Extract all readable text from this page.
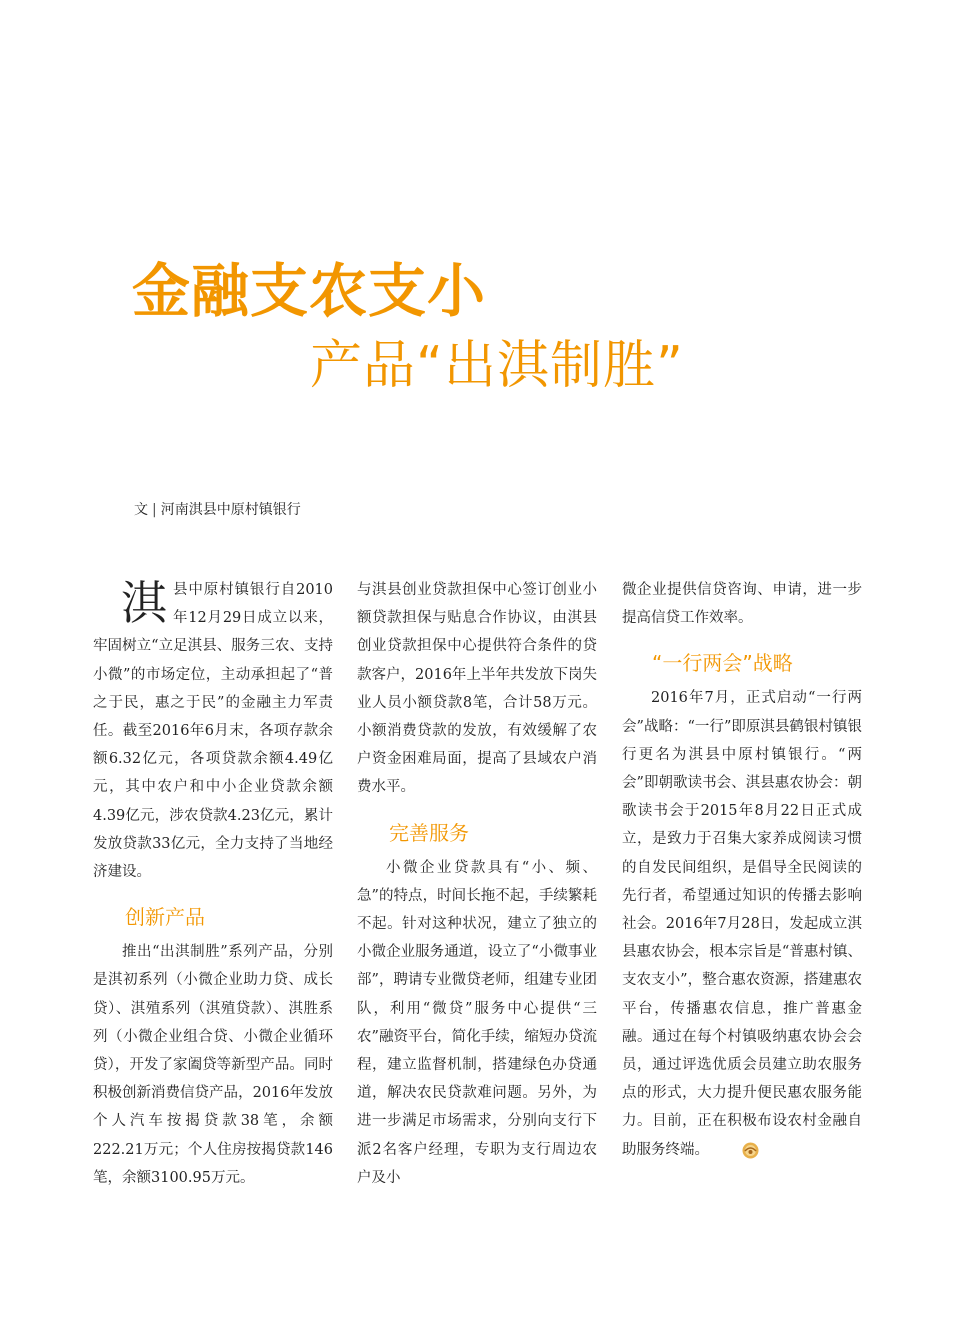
金融支农支小
产品“出淇制胜”
文 | 河南淇县中原村镇银行

淇县中原村镇银行自2010年12月29日成立以来，牢固树立“立足淇县、服务三农、支持小微”的市场定位，主动承担起了“普之于民，惠之于民”的金融主力军责任。截至2016年6月末，各项存款余额6.32亿元，各项贷款余额4.49亿元，其中农户和中小企业贷款余额4.39亿元，涉农贷款4.23亿元，累计发放贷款33亿元，全力支持了当地经济建设。

创新产品

推出“出淇制胜”系列产品，分别是淇初系列（小微企业助力贷、成长贷）、淇殖系列（淇殖贷款）、淇胜系列（小微企业组合贷、小微企业循环贷），开发了家阖贷等新型产品。同时积极创新消费信贷产品，2016年发放个人汽车按揭贷款38笔，余额222.21万元；个人住房按揭贷款146笔，余额3100.95万元。

与淇县创业贷款担保中心签订创业小额贷款担保与贴息合作协议，由淇县创业贷款担保中心提供符合条件的贷款客户，2016年上半年共发放下岗失业人员小额贷款8笔，合计58万元。小额消费贷款的发放，有效缓解了农户资金困难局面，提高了县域农户消费水平。

完善服务

小微企业贷款具有“小、频、急”的特点，时间长拖不起，手续繁耗不起。针对这种状况，建立了独立的小微企业服务通道，设立了“小微事业部”，聘请专业微贷老师，组建专业团队，利用“微贷”服务中心提供“三农”融资平台，简化手续，缩短办贷流程，建立监督机制，搭建绿色办贷通道，解决农民贷款难问题。另外，为进一步满足市场需求，分别向支行下派2名客户经理，专职为支行周边农户及小

微企业提供信贷咨询、申请，进一步提高信贷工作效率。

“一行两会”战略

2016年7月，正式启动“一行两会”战略：“一行”即原淇县鹤银村镇银行更名为淇县中原村镇银行。“两会”即朝歌读书会、淇县惠农协会：朝歌读书会于2015年8月22日正式成立，是致力于召集大家养成阅读习惯的自发民间组织，是倡导全民阅读的先行者，希望通过知识的传播去影响社会。2016年7月28日，发起成立淇县惠农协会，根本宗旨是“普惠村镇、支农支小”，整合惠农资源，搭建惠农平台，传播惠农信息，推广普惠金融。通过在每个村镇吸纳惠农协会会员，通过评选优质会员建立助农服务点的形式，大力提升便民惠农服务能力。目前，正在积极布设农村金融自助服务终端。
